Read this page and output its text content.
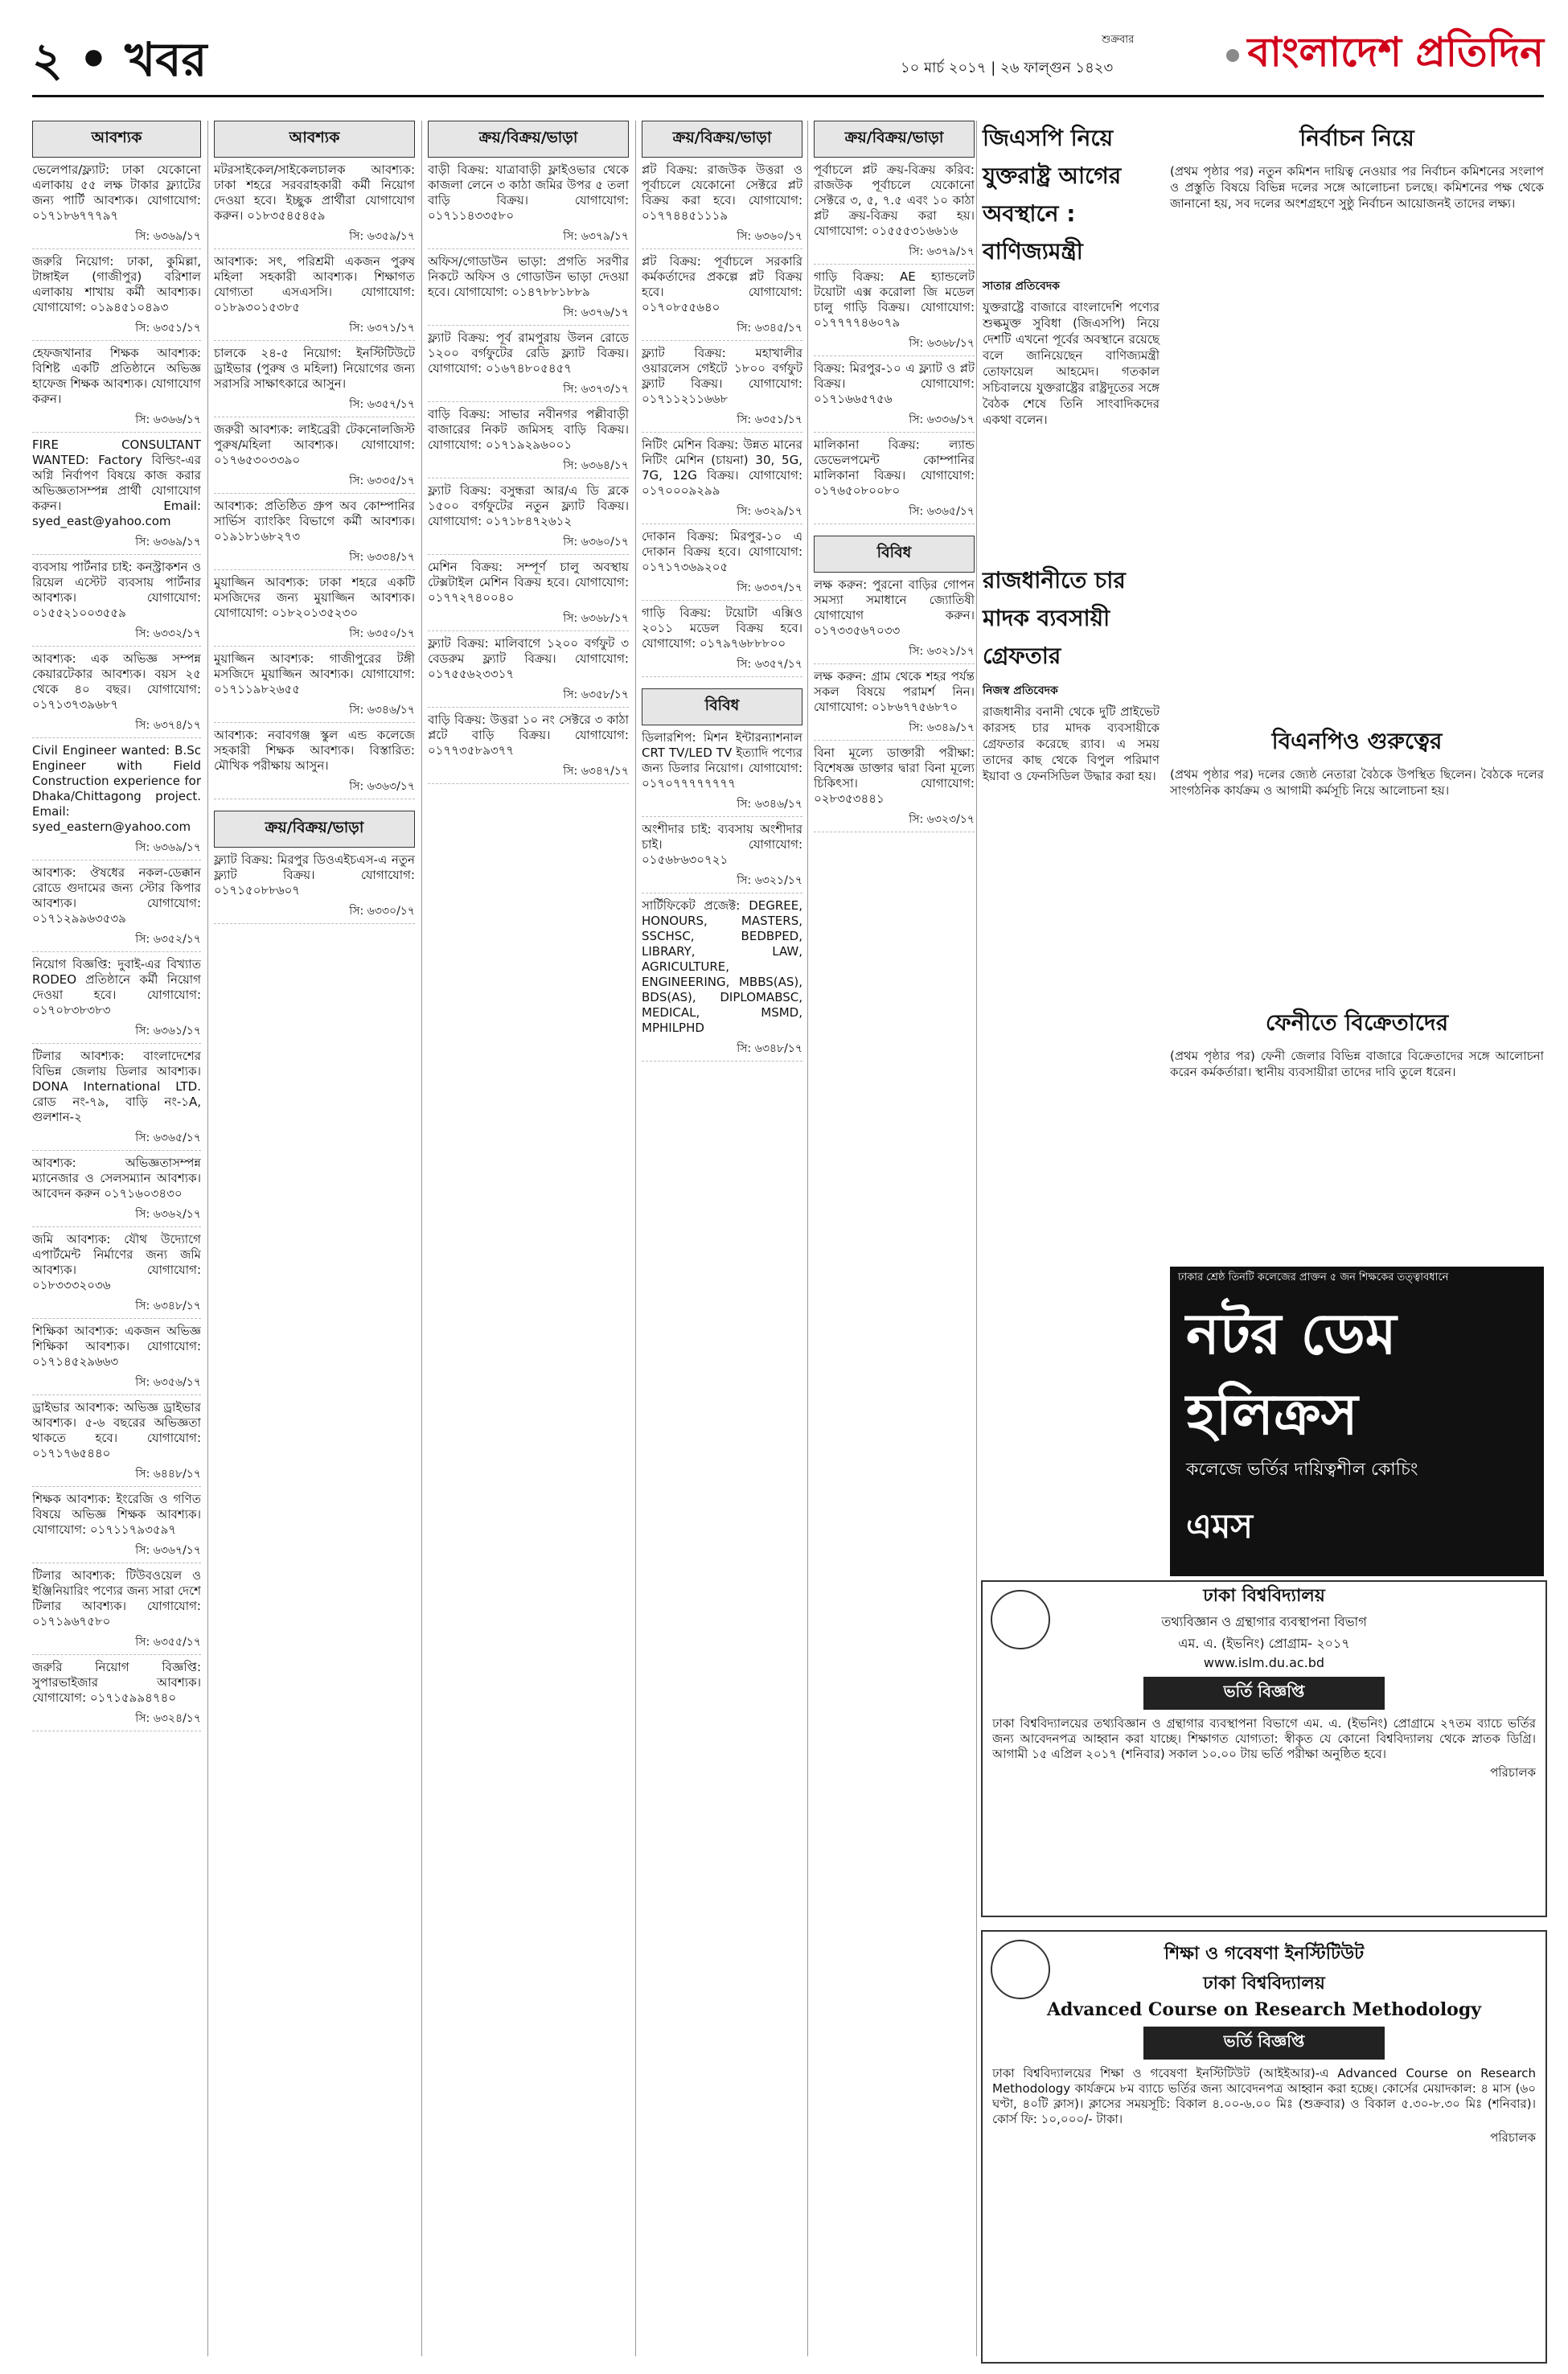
২ • খবর	শুক্রবার
১০ মার্চ ২০১৭ | ২৬ ফাল্গুন ১৪২৩	বাংলাদেশ প্রতিদিন
আবশ্যক

ভেলেপার/ফ্ল্যাট: ঢাকা যেকোনো এলাকায় ৫৫ লক্ষ টাকার ফ্ল্যাটের জন্য পার্টি আবশ্যক। যোগাযোগ: ০১৭১৮৬৭৭৭৯৭

সি: ৬৩৬৯/১৭

জরুরি নিয়োগ: ঢাকা, কুমিল্লা, টাঙ্গাইল (গাজীপুর) বরিশাল এলাকায় শাখায় কর্মী আবশ্যক। যোগাযোগ: ০১৯৪৫১০৪৯৩

সি: ৬৩৫১/১৭

হেফজখানার শিক্ষক আবশ্যক: বিশিষ্ট একটি প্রতিষ্ঠানে অভিজ্ঞ হাফেজ শিক্ষক আবশ্যক। যোগাযোগ করুন।

সি: ৬৩৬৬/১৭

FIRE CONSULTANT WANTED: Factory বিল্ডিং-এর অগ্নি নির্বাপণ বিষয়ে কাজ করার অভিজ্ঞতাসম্পন্ন প্রার্থী যোগাযোগ করুন। Email: syed_east@yahoo.com

সি: ৬৩৬৯/১৭

ব্যবসায় পার্টনার চাই: কনস্ট্রাকশন ও রিয়েল এস্টেট ব্যবসায় পার্টনার আবশ্যক। যোগাযোগ: ০১৫৫২১০০৩৫৫৯

সি: ৬৩৩২/১৭

আবশ্যক: এক অভিজ্ঞ সম্পন্ন কেয়ারটেকার আবশ্যক। বয়স ২৫ থেকে ৪০ বছর। যোগাযোগ: ০১৭১৩৭৩৯৬৮৭

সি: ৬৩৭৪/১৭

Civil Engineer wanted: B.Sc Engineer with Field Construction experience for Dhaka/Chittagong project. Email: syed_eastern@yahoo.com

সি: ৬৩৬৯/১৭

আবশ্যক: ঔষধের নকল-ডেক্কান রোডে গুদামের জন্য স্টোর কিপার আবশ্যক। যোগাযোগ: ০১৭১২৯৯৬৩৫৩৯

সি: ৬৩৫২/১৭

নিয়োগ বিজ্ঞপ্তি: দুবাই-এর বিখ্যাত RODEO প্রতিষ্ঠানে কর্মী নিয়োগ দেওয়া হবে। যোগাযোগ: ০১৭০৮৩৮৩৮৩

সি: ৬৩৬১/১৭

টিলার আবশ্যক: বাংলাদেশের বিভিন্ন জেলায় ডিলার আবশ্যক। DONA International LTD. রোড নং-৭৯, বাড়ি নং-১A, গুলশান-২

সি: ৬৩৬৫/১৭

আবশ্যক: অভিজ্ঞতাসম্পন্ন ম্যানেজার ও সেলসম্যান আবশ্যক। আবেদন করুন ০১৭১৬০৩৪৩০

সি: ৬৩৬২/১৭

জমি আবশ্যক: যৌথ উদ্যোগে এপার্টমেন্ট নির্মাণের জন্য জমি আবশ্যক। যোগাযোগ: ০১৮৩৩৩২০৩৬

সি: ৬৩৪৮/১৭

শিক্ষিকা আবশ্যক: একজন অভিজ্ঞ শিক্ষিকা আবশ্যক। যোগাযোগ: ০১৭১৪৫২৯৬৬৩

সি: ৬৩৫৬/১৭

ড্রাইভার আবশ্যক: অভিজ্ঞ ড্রাইভার আবশ্যক। ৫-৬ বছরের অভিজ্ঞতা থাকতে হবে। যোগাযোগ: ০১৭১৭৬৫৪৪০

সি: ৬৪৪৮/১৭

শিক্ষক আবশ্যক: ইংরেজি ও গণিত বিষয়ে অভিজ্ঞ শিক্ষক আবশ্যক। যোগাযোগ: ০১৭১১৭৯৩৫৯৭

সি: ৬৩৬৭/১৭

টিলার আবশ্যক: টিউবওয়েল ও ইঞ্জিনিয়ারিং পণ্যের জন্য সারা দেশে টিলার আবশ্যক। যোগাযোগ: ০১৭১৯৬৭৫৮০

সি: ৬৩৫৫/১৭

জরুরি নিয়োগ বিজ্ঞপ্তি: সুপারভাইজার আবশ্যক। যোগাযোগ: ০১৭১৫৯৯৪৭৪০

সি: ৬৩২৪/১৭
আবশ্যক

মটরসাইকেল/সাইকেলচালক আবশ্যক: ঢাকা শহরে সরবরাহকারী কর্মী নিয়োগ দেওয়া হবে। ইচ্ছুক প্রার্থীরা যোগাযোগ করুন। ০১৮৩৫৪৫৪৫৯

সি: ৬৩৫৯/১৭

আবশ্যক: সৎ, পরিশ্রমী একজন পুরুষ মহিলা সহকারী আবশ্যক। শিক্ষাগত যোগ্যতা এসএসসি। যোগাযোগ: ০১৮৯৩০১৫৩৮৫

সি: ৬৩৭১/১৭

চালকে ২৪-৫ নিয়োগ: ইনস্টিটিউটে ড্রাইভার (পুরুষ ও মহিলা) নিয়োগের জন্য সরাসরি সাক্ষাৎকারে আসুন।

সি: ৬৩৫৭/১৭

জরুরী আবশ্যক: লাইব্রেরী টেকনোলজিস্ট পুরুষ/মহিলা আবশ্যক। যোগাযোগ: ০১৭৬৫৩০৩৩৯০

সি: ৬৩৩৫/১৭

আবশ্যক: প্রতিষ্ঠিত গ্রুপ অব কোম্পানির সার্ভিস ব্যাংকিং বিভাগে কর্মী আবশ্যক। ০১৯১৮১৬৮২৭৩

সি: ৬৩৩৪/১৭

মুয়াজ্জিন আবশ্যক: ঢাকা শহরে একটি মসজিদের জন্য মুয়াজ্জিন আবশ্যক। যোগাযোগ: ০১৮২০১৩৫২৩০

সি: ৬৩৫০/১৭

মুয়াজ্জিন আবশ্যক: গাজীপুরের টঙ্গী মসজিদে মুয়াজ্জিন আবশ্যক। যোগাযোগ: ০১৭১১৯৮২৬৫৫

সি: ৬৩৪৬/১৭

আবশ্যক: নবাবগঞ্জ স্কুল এন্ড কলেজে সহকারী শিক্ষক আবশ্যক। বিস্তারিত: মৌখিক পরীক্ষায় আসুন।

সি: ৬৩৬৩/১৭
ক্রয়/বিক্রয়/ভাড়া

ফ্ল্যাট বিক্রয়: মিরপুর ডিওএইচএস-এ নতুন ফ্ল্যাট বিক্রয়। যোগাযোগ: ০১৭১৫০৮৮৬০৭

সি: ৬৩৩০/১৭
ক্রয়/বিক্রয়/ভাড়া

বাড়ী বিক্রয়: যাত্রাবাড়ী ফ্লাইওভার থেকে কাজলা লেনে ৩ কাঠা জমির উপর ৫ তলা বাড়ি বিক্রয়। যোগাযোগ: ০১৭১১৪৩৩৫৮০

সি: ৬৩৭৯/১৭

অফিস/গোডাউন ভাড়া: প্রগতি সরণীর নিকটে অফিস ও গোডাউন ভাড়া দেওয়া হবে। যোগাযোগ: ০১৪৭৮৮১৮৮৯

সি: ৬৩৭৬/১৭

ফ্ল্যাট বিক্রয়: পূর্ব রামপুরায় উলন রোডে ১২০০ বর্গফুটের রেডি ফ্ল্যাট বিক্রয়। যোগাযোগ: ০১৬৭৪৮০৫৪৫৭

সি: ৬৩৭৩/১৭

বাড়ি বিক্রয়: সাভার নবীনগর পল্লীবাড়ী বাজারের নিকট জমিসহ বাড়ি বিক্রয়। যোগাযোগ: ০১৭১৯২৯৬০০১

সি: ৬৩৬৪/১৭

ফ্ল্যাট বিক্রয়: বসুন্ধরা আর/এ ডি ব্লকে ১৫০০ বর্গফুটের নতুন ফ্ল্যাট বিক্রয়। যোগাযোগ: ০১৭১৮৪৭২৬১২

সি: ৬৩৬০/১৭

মেশিন বিক্রয়: সম্পূর্ণ চালু অবস্থায় টেক্সটাইল মেশিন বিক্রয় হবে। যোগাযোগ: ০১৭৭২৭৪০০৪০

সি: ৬৩৬৮/১৭

ফ্ল্যাট বিক্রয়: মালিবাগে ১২০০ বর্গফুট ৩ বেডরুম ফ্ল্যাট বিক্রয়। যোগাযোগ: ০১৭৫৫৬২৩৩১৭

সি: ৬৩৫৮/১৭

বাড়ি বিক্রয়: উত্তরা ১০ নং সেক্টরে ৩ কাঠা প্লটে বাড়ি বিক্রয়। যোগাযোগ: ০১৭৭৩৫৮৯৩৭৭

সি: ৬৩৪৭/১৭
ক্রয়/বিক্রয়/ভাড়া

প্লট বিক্রয়: রাজউক উত্তরা ও পূর্বাচলে যেকোনো সেক্টরে প্লট বিক্রয় করা হবে। যোগাযোগ: ০১৭৭৪৪৫১১১৯

সি: ৬৩৬০/১৭

প্লট বিক্রয়: পূর্বাচলে সরকারি কর্মকর্তাদের প্রকল্পে প্লট বিক্রয় হবে। যোগাযোগ: ০১৭০৮৫৫৬৪০

সি: ৬৩৪৫/১৭

ফ্ল্যাট বিক্রয়: মহাখালীর ওয়ারলেস গেইটে ১৮০০ বর্গফুট ফ্ল্যাট বিক্রয়। যোগাযোগ: ০১৭১১২১১৬৬৮

সি: ৬৩৫১/১৭

নিটিং মেশিন বিক্রয়: উন্নত মানের নিটিং মেশিন (চায়না) 30, 5G, 7G, 12G বিক্রয়। যোগাযোগ: ০১৭০০০৯২৯৯

সি: ৬৩২৯/১৭

দোকান বিক্রয়: মিরপুর-১০ এ দোকান বিক্রয় হবে। যোগাযোগ: ০১৭১৭৩৬৯২০৫

সি: ৬৩৩৭/১৭

গাড়ি বিক্রয়: টয়োটা এক্সিও ২০১১ মডেল বিক্রয় হবে। যোগাযোগ: ০১৭৯৭৬৮৮৮০০

সি: ৬৩৫৭/১৭
বিবিধ

ডিলারশিপ: মিশন ইন্টারন্যাশনাল CRT TV/LED TV ইত্যাদি পণ্যের জন্য ডিলার নিয়োগ। যোগাযোগ: ০১৭০৭৭৭৭৭৭৭৭

সি: ৬৩৪৬/১৭

অংশীদার চাই: ব্যবসায় অংশীদার চাই। যোগাযোগ: ০১৫৬৮৬৩০৭২১

সি: ৬৩২১/১৭

সার্টিফিকেট প্রজেক্ট: DEGREE, HONOURS, MASTERS, SSCHSC, BEDBPED, LIBRARY, LAW, AGRICULTURE, ENGINEERING, MBBS(AS), BDS(AS), DIPLOMABSC, MEDICAL, MSMD, MPHILPHD

সি: ৬৩৪৮/১৭
ক্রয়/বিক্রয়/ভাড়া

পূর্বাচলে প্লট ক্রয়-বিক্রয় করিব: রাজউক পূর্বাচলে যেকোনো সেক্টরে ৩, ৫, ৭.৫ এবং ১০ কাঠা প্লট ক্রয়-বিক্রয় করা হয়। যোগাযোগ: ০১৫৫৫৩১৬৬১৬

সি: ৬৩৭৯/১৭

গাড়ি বিক্রয়: AE হ্যান্ডলেট টয়োটা এক্স করোলা জি মডেল চালু গাড়ি বিক্রয়। যোগাযোগ: ০১৭৭৭৭৪৬০৭৯

সি: ৬৩৬৮/১৭

বিক্রয়: মিরপুর-১০ এ ফ্ল্যাট ও প্লট বিক্রয়। যোগাযোগ: ০১৭১৬৬৫৭৫৬

সি: ৬৩৩৬/১৭

মালিকানা বিক্রয়: ল্যান্ড ডেভেলপমেন্ট কোম্পানির মালিকানা বিক্রয়। যোগাযোগ: ০১৭৬৫০৮০০৮০

সি: ৬৩৬৫/১৭
বিবিধ

লক্ষ করুন: পুরনো বাড়ির গোপন সমস্যা সমাধানে জ্যোতিষী যোগাযোগ করুন। ০১৭৩৩৫৬৭০৩৩

সি: ৬৩২১/১৭

লক্ষ করুন: গ্রাম থেকে শহর পর্যন্ত সকল বিষয়ে পরামর্শ নিন। যোগাযোগ: ০১৮৬৭৭৫৬৮৭০

সি: ৬৩৪৯/১৭

বিনা মূল্যে ডাক্তারী পরীক্ষা: বিশেষজ্ঞ ডাক্তার দ্বারা বিনা মূল্যে চিকিৎসা। যোগাযোগ: ০২৮৩৫৩৪৪১

সি: ৬৩২৩/১৭
জিএসপি নিয়ে যুক্তরাষ্ট্র আগের অবস্থানে : বাণিজ্যমন্ত্রী
সাতার প্রতিবেদক

যুক্তরাষ্ট্রে বাজারে বাংলাদেশি পণ্যের শুল্কমুক্ত সুবিধা (জিএসপি) নিয়ে দেশটি এখনো পূর্বের অবস্থানে রয়েছে বলে জানিয়েছেন বাণিজ্যমন্ত্রী তোফায়েল আহমেদ। গতকাল সচিবালয়ে যুক্তরাষ্ট্রের রাষ্ট্রদূতের সঙ্গে বৈঠক শেষে তিনি সাংবাদিকদের একথা বলেন।

রাজধানীতে চার মাদক ব্যবসায়ী গ্রেফতার
নিজস্ব প্রতিবেদক

রাজধানীর বনানী থেকে দুটি প্রাইভেট কারসহ চার মাদক ব্যবসায়ীকে গ্রেফতার করেছে র‍্যাব। এ সময় তাদের কাছ থেকে বিপুল পরিমাণ ইয়াবা ও ফেনসিডিল উদ্ধার করা হয়।

নির্বাচন নিয়ে

(প্রথম পৃষ্ঠার পর) নতুন কমিশন দায়িত্ব নেওয়ার পর নির্বাচন কমিশনের সংলাপ ও প্রস্তুতি বিষয়ে বিভিন্ন দলের সঙ্গে আলোচনা চলছে। কমিশনের পক্ষ থেকে জানানো হয়, সব দলের অংশগ্রহণে সুষ্ঠু নির্বাচন আয়োজনই তাদের লক্ষ্য।

বিএনপিও গুরুত্বের

(প্রথম পৃষ্ঠার পর) দলের জ্যেষ্ঠ নেতারা বৈঠকে উপস্থিত ছিলেন। বৈঠকে দলের সাংগঠনিক কার্যক্রম ও আগামী কর্মসূচি নিয়ে আলোচনা হয়।

ফেনীতে বিক্রেতাদের

(প্রথম পৃষ্ঠার পর) ফেনী জেলার বিভিন্ন বাজারে বিক্রেতাদের সঙ্গে আলোচনা করেন কর্মকর্তারা। স্থানীয় ব্যবসায়ীরা তাদের দাবি তুলে ধরেন।

ঢাকার শ্রেষ্ঠ তিনটি কলেজের প্রাক্তন ৫ জন শিক্ষকের তত্ত্বাবধানে
নটর ডেম
হলিক্রস
কলেজে ভর্তির দায়িত্বশীল কোচিং
এমস
ঢাকা বিশ্ববিদ্যালয়
তথ্যবিজ্ঞান ও গ্রন্থাগার ব্যবস্থাপনা বিভাগ
এম. এ. (ইভনিং) প্রোগ্রাম- ২০১৭
www.islm.du.ac.bd
ভর্তি বিজ্ঞপ্তি

ঢাকা বিশ্ববিদ্যালয়ের তথ্যবিজ্ঞান ও গ্রন্থাগার ব্যবস্থাপনা বিভাগে এম. এ. (ইভনিং) প্রোগ্রামে ২৭তম ব্যাচে ভর্তির জন্য আবেদনপত্র আহ্বান করা যাচ্ছে। শিক্ষাগত যোগ্যতা: স্বীকৃত যে কোনো বিশ্ববিদ্যালয় থেকে স্নাতক ডিগ্রি। আগামী ১৫ এপ্রিল ২০১৭ (শনিবার) সকাল ১০.০০ টায় ভর্তি পরীক্ষা অনুষ্ঠিত হবে।

পরিচালক

শিক্ষা ও গবেষণা ইনস্টিটিউট
ঢাকা বিশ্ববিদ্যালয়
Advanced Course on Research Methodology
ভর্তি বিজ্ঞপ্তি

ঢাকা বিশ্ববিদ্যালয়ের শিক্ষা ও গবেষণা ইনস্টিটিউট (আইইআর)-এ Advanced Course on Research Methodology কার্যক্রমে ৮ম ব্যাচে ভর্তির জন্য আবেদনপত্র আহ্বান করা হচ্ছে। কোর্সের মেয়াদকাল: ৪ মাস (৬০ ঘণ্টা, ৪০টি ক্লাস)। ক্লাসের সময়সূচি: বিকাল ৪.০০-৬.০০ মিঃ (শুক্রবার) ও বিকাল ৫.৩০-৮.৩০ মিঃ (শনিবার)। কোর্স ফি: ১০,০০০/- টাকা।

পরিচালক
